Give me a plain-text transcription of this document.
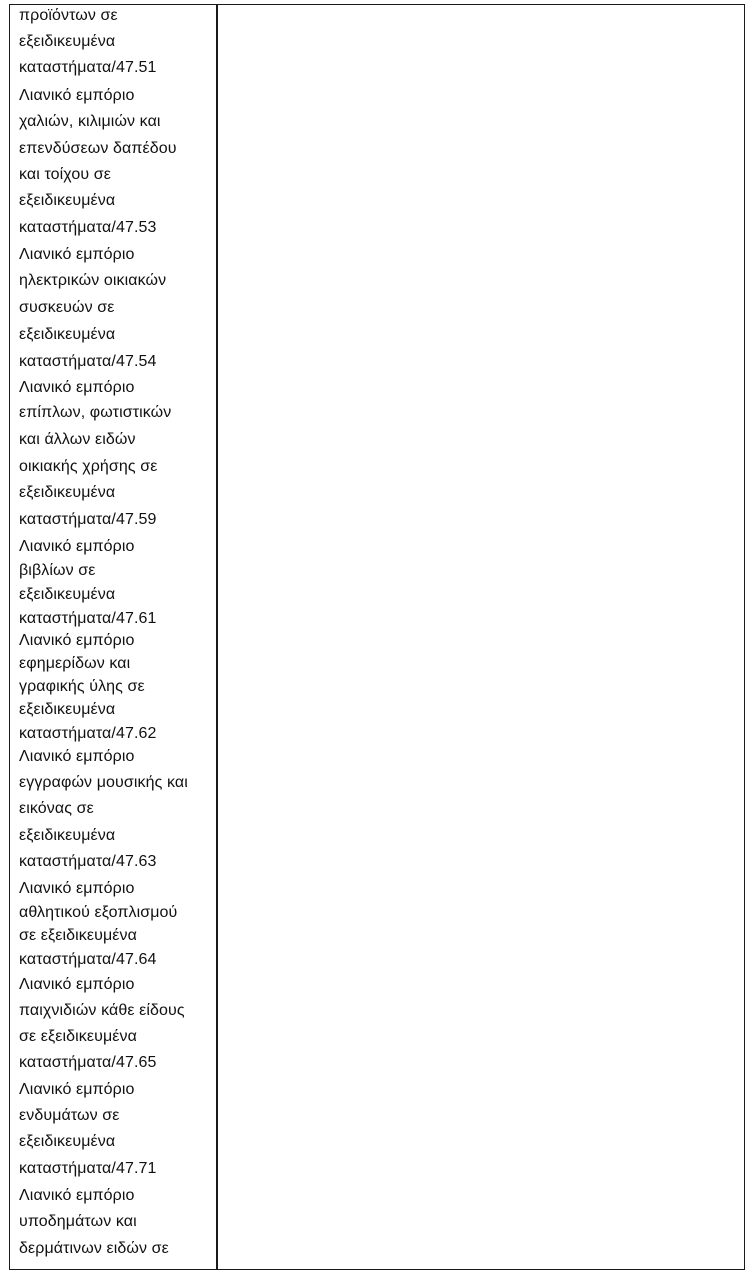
προϊόντων σε
εξειδικευμένα
καταστήματα/47.51
Λιανικό εμπόριο
χαλιών, κιλιμιών και
επενδύσεων δαπέδου
και τοίχου σε
εξειδικευμένα
καταστήματα/47.53
Λιανικό εμπόριο
ηλεκτρικών οικιακών
συσκευών σε
εξειδικευμένα
καταστήματα/47.54
Λιανικό εμπόριο
επίπλων, φωτιστικών
και άλλων ειδών
οικιακής χρήσης σε
εξειδικευμένα
καταστήματα/47.59
Λιανικό εμπόριο
βιβλίων σε
εξειδικευμένα
καταστήματα/47.61
Λιανικό εμπόριο
εφημερίδων και
γραφικής ύλης σε
εξειδικευμένα
καταστήματα/47.62
Λιανικό εμπόριο
εγγραφών μουσικής και
εικόνας σε
εξειδικευμένα
καταστήματα/47.63
Λιανικό εμπόριο
αθλητικού εξοπλισμού
σε εξειδικευμένα
καταστήματα/47.64
Λιανικό εμπόριο
παιχνιδιών κάθε είδους
σε εξειδικευμένα
καταστήματα/47.65
Λιανικό εμπόριο
ενδυμάτων σε
εξειδικευμένα
καταστήματα/47.71
Λιανικό εμπόριο
υποδημάτων και
δερμάτινων ειδών σε
